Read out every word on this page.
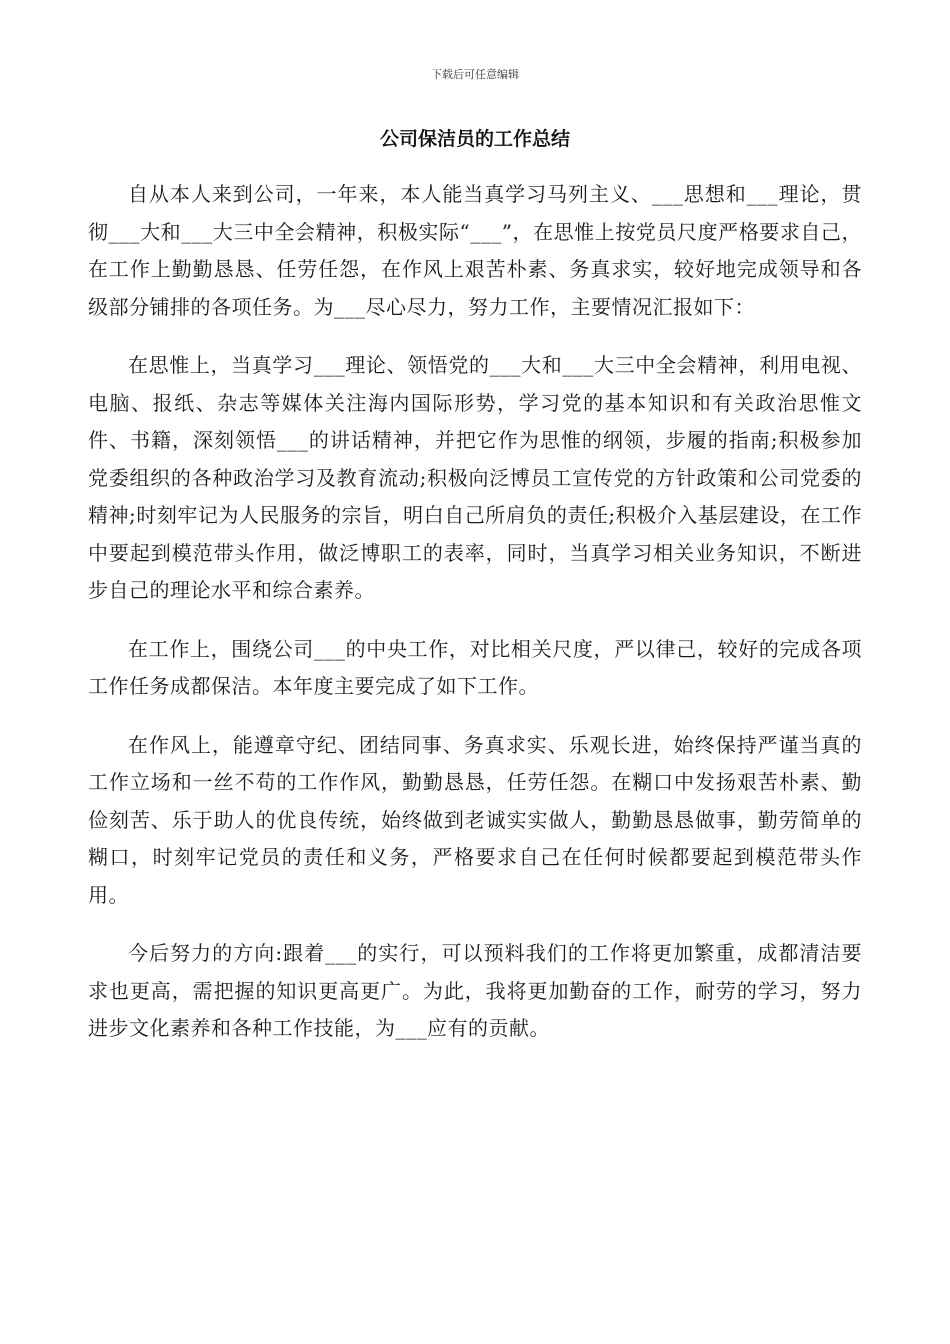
下载后可任意编辑
公司保洁员的工作总结

自从本人来到公司，一年来，本人能当真学习马列主义、___思想和___理论，贯彻___大和___大三中全会精神，积极实际“___”，在思惟上按党员尺度严格要求自己，在工作上勤勤恳恳、任劳任怨，在作风上艰苦朴素、务真求实，较好地完成领导和各级部分铺排的各项任务。为___尽心尽力，努力工作，主要情况汇报如下：

在思惟上，当真学习___理论、领悟党的___大和___大三中全会精神，利用电视、电脑、报纸、杂志等媒体关注海内国际形势，学习党的基本知识和有关政治思惟文件、书籍，深刻领悟___的讲话精神，并把它作为思惟的纲领，步履的指南;积极参加党委组织的各种政治学习及教育流动;积极向泛博员工宣传党的方针政策和公司党委的精神;时刻牢记为人民服务的宗旨，明白自己所肩负的责任;积极介入基层建设，在工作中要起到模范带头作用，做泛博职工的表率，同时，当真学习相关业务知识，不断进步自己的理论水平和综合素养。

在工作上，围绕公司___的中央工作，对比相关尺度，严以律己，较好的完成各项工作任务成都保洁。本年度主要完成了如下工作。

在作风上，能遵章守纪、团结同事、务真求实、乐观长进，始终保持严谨当真的工作立场和一丝不苟的工作作风，勤勤恳恳，任劳任怨。在糊口中发扬艰苦朴素、勤俭刻苦、乐于助人的优良传统，始终做到老诚实实做人，勤勤恳恳做事，勤劳简单的糊口，时刻牢记党员的责任和义务，严格要求自己在任何时候都要起到模范带头作用。

今后努力的方向:跟着___的实行，可以预料我们的工作将更加繁重，成都清洁要求也更高，需把握的知识更高更广。为此，我将更加勤奋的工作，耐劳的学习，努力进步文化素养和各种工作技能，为___应有的贡献。
